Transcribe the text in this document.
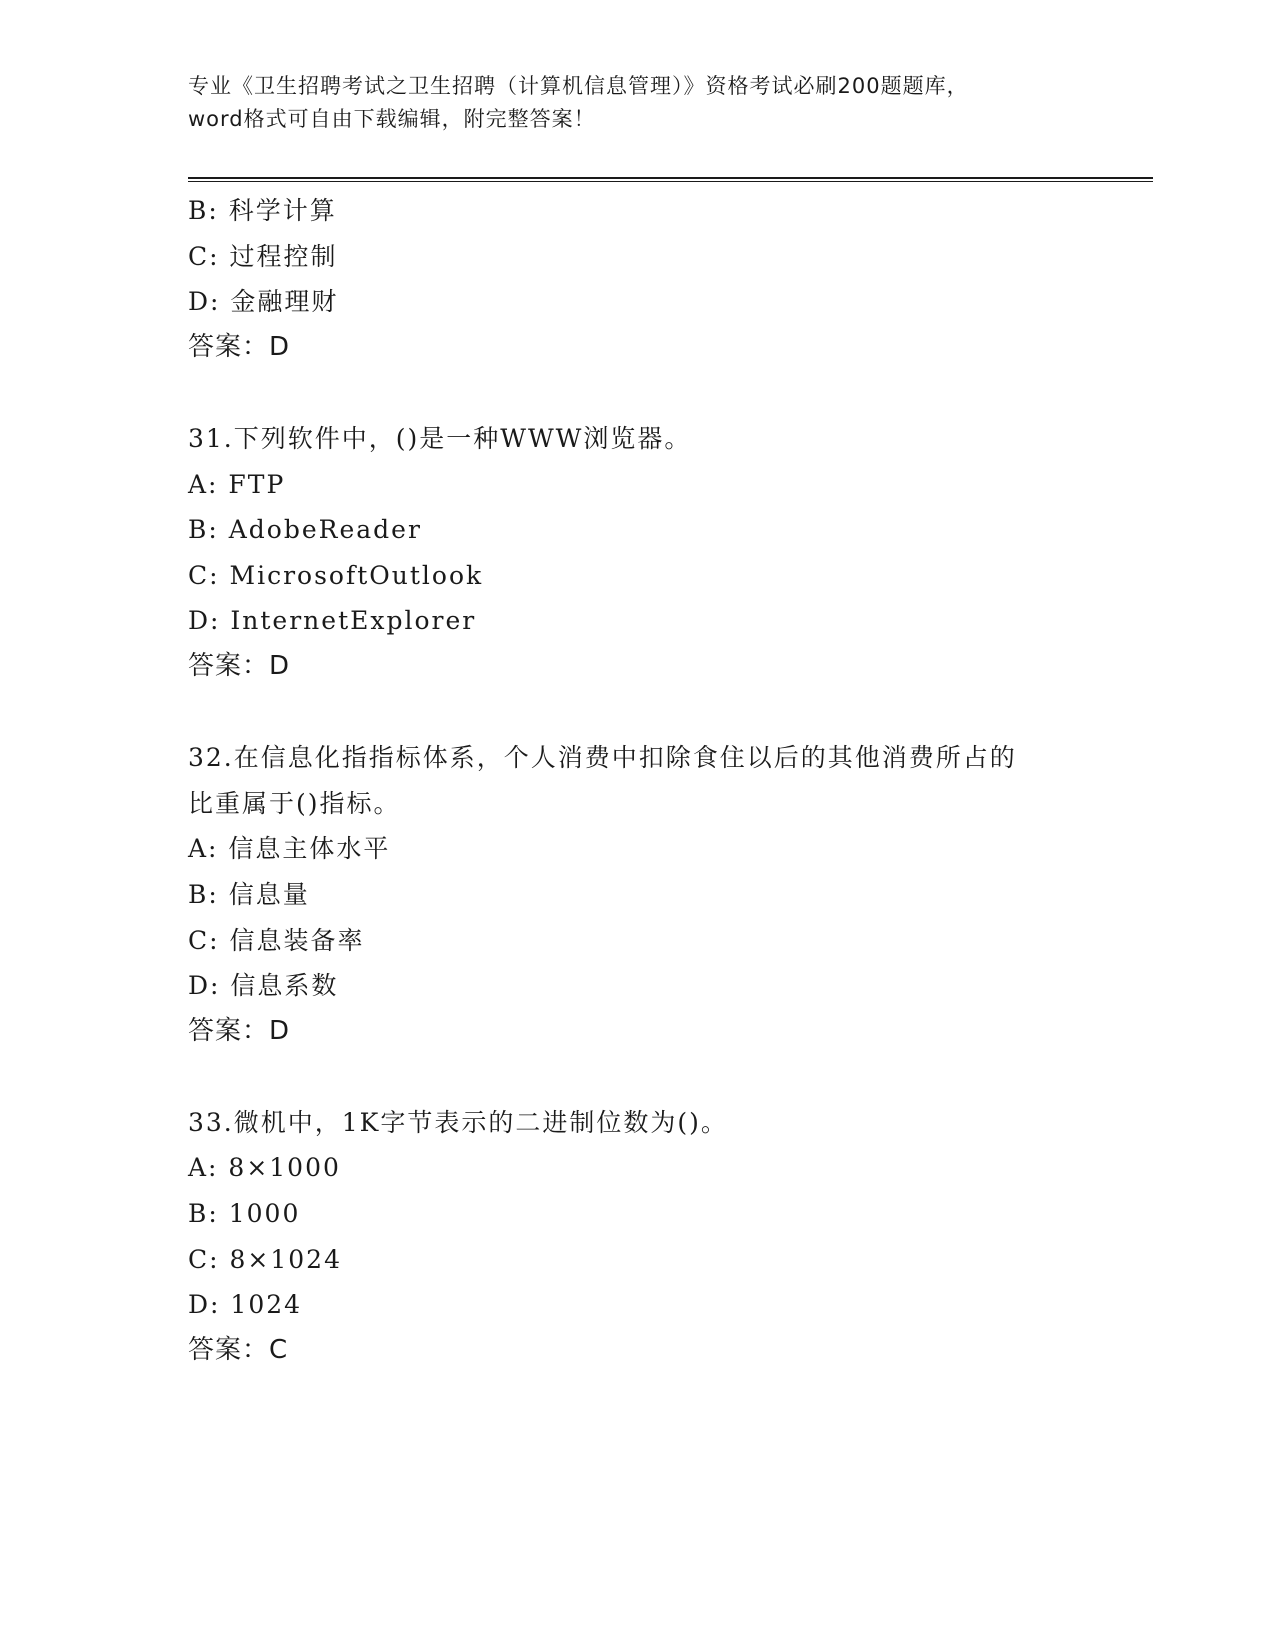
专业《卫生招聘考试之卫生招聘（计算机信息管理）》资格考试必刷200题题库，
word格式可自由下载编辑，附完整答案！
B: 科学计算
C: 过程控制
D: 金融理财
答案：D
31.下列软件中，()是一种WWW浏览器。
A: FTP
B: AdobeReader
C: MicrosoftOutlook
D: InternetExplorer
答案：D
32.在信息化指指标体系，个人消费中扣除食住以后的其他消费所占的
比重属于()指标。
A: 信息主体水平
B: 信息量
C: 信息装备率
D: 信息系数
答案：D
33.微机中，1K字节表示的二进制位数为()。
A: 8×1000
B: 1000
C: 8×1024
D: 1024
答案：C
